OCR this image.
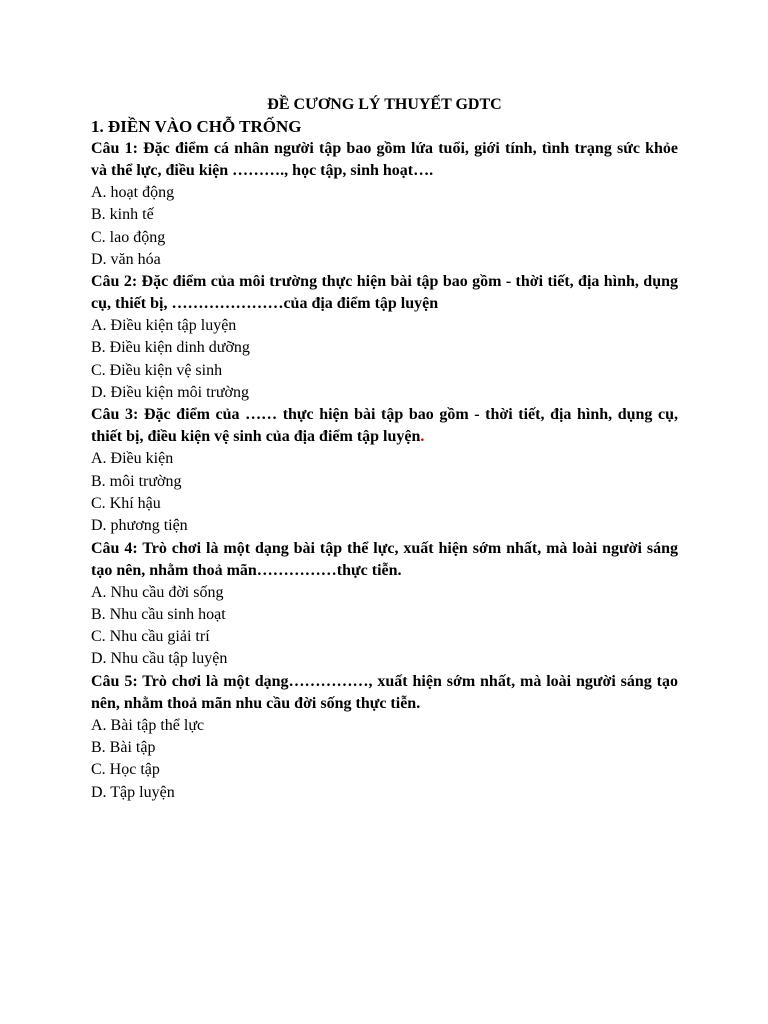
ĐỀ CƯƠNG LÝ THUYẾT GDTC

1. ĐIỀN VÀO CHỖ TRỐNG

Câu 1: Đặc điểm cá nhân người tập bao gồm lứa tuổi, giới tính, tình trạng sức khỏe và thể lực, điều kiện ………., học tập, sinh hoạt….

A. hoạt động

B. kinh tế

C. lao động

D. văn hóa

Câu 2: Đặc điểm của môi trường thực hiện bài tập bao gồm - thời tiết, địa hình, dụng cụ, thiết bị, …………………của địa điểm tập luyện

A. Điều kiện tập luyện

B. Điều kiện dinh dưỡng

C. Điều kiện vệ sinh

D. Điều kiện môi trường

Câu 3: Đặc điểm của …… thực hiện bài tập bao gồm - thời tiết, địa hình, dụng cụ, thiết bị, điều kiện vệ sinh của địa điểm tập luyện.

A. Điều kiện

B. môi trường

C. Khí hậu

D. phương tiện

Câu 4: Trò chơi là một dạng bài tập thể lực, xuất hiện sớm nhất, mà loài người sáng tạo nên, nhằm thoả mãn……………thực tiễn.

A. Nhu cầu đời sống

B. Nhu cầu sinh hoạt

C. Nhu cầu giải trí

D. Nhu cầu tập luyện

Câu 5: Trò chơi là một dạng……………, xuất hiện sớm nhất, mà loài người sáng tạo nên, nhằm thoả mãn nhu cầu đời sống thực tiễn.

A. Bài tập thể lực

B. Bài tập

C. Học tập

D. Tập luyện
